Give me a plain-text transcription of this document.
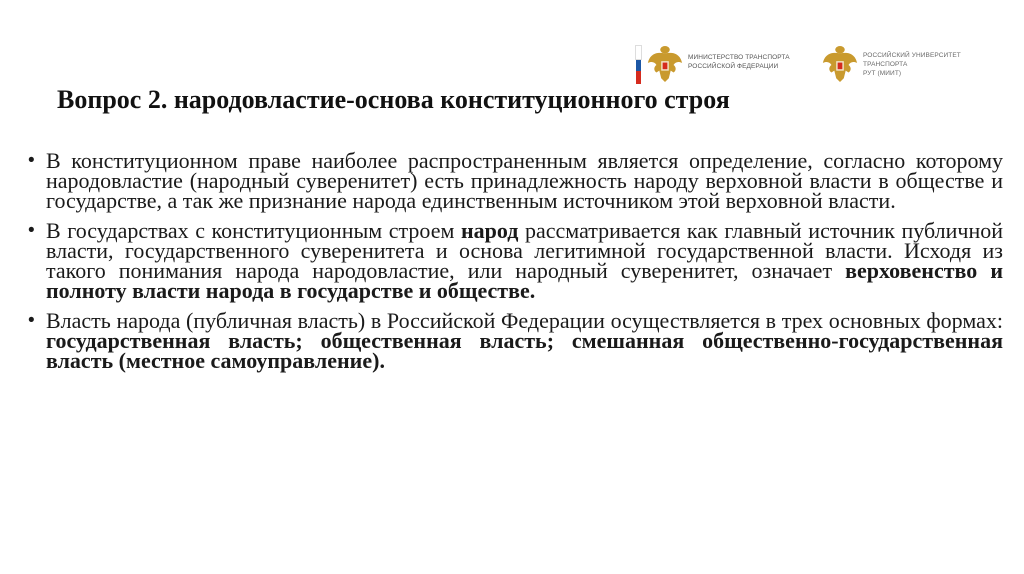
МИНИСТЕРСТВО ТРАНСПОРТА
РОССИЙСКОЙ ФЕДЕРАЦИИ
РОССИЙСКИЙ УНИВЕРСИТЕТ
ТРАНСПОРТА
РУТ (МИИТ)
Вопрос 2. народовластие-основа конституционного строя
• В конституционном праве наиболее распространенным является определение, согласно которому народовластие (народный суверенитет) есть принадлежность народу верховной власти в обществе и государстве, а так же признание народа единственным источником этой верховной власти.
• В государствах с конституционным строем народ рассматривается как главный источник публичной власти, государственного суверенитета и основа легитимной государственной власти. Исходя из такого понимания народа народовластие, или народный суверенитет, означает верховенство и полноту власти народа в государстве и обществе.
• Власть народа (публичная власть) в Российской Федерации осуществляется в трех основных формах: государственная власть; общественная власть; смешанная общественно-государственная власть (местное самоуправление).
